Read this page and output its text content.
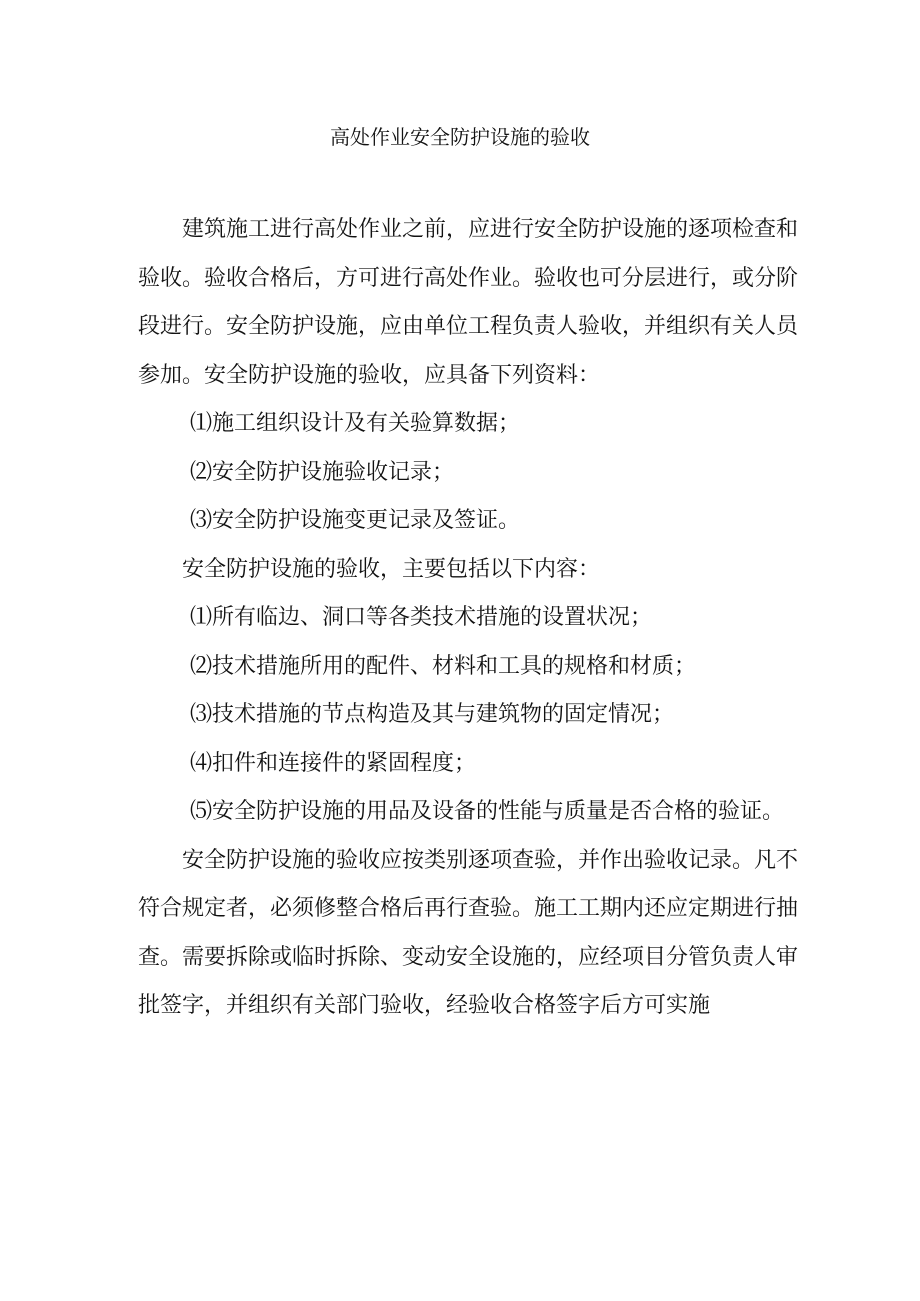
高处作业安全防护设施的验收

建筑施工进行高处作业之前，应进行安全防护设施的逐项检查和验收。验收合格后，方可进行高处作业。验收也可分层进行，或分阶段进行。安全防护设施，应由单位工程负责人验收，并组织有关人员参加。安全防护设施的验收，应具备下列资料：

⑴施工组织设计及有关验算数据；

⑵安全防护设施验收记录；

⑶安全防护设施变更记录及签证。

安全防护设施的验收，主要包括以下内容：

⑴所有临边、洞口等各类技术措施的设置状况；

⑵技术措施所用的配件、材料和工具的规格和材质；

⑶技术措施的节点构造及其与建筑物的固定情况；

⑷扣件和连接件的紧固程度；

⑸安全防护设施的用品及设备的性能与质量是否合格的验证。

安全防护设施的验收应按类别逐项查验，并作出验收记录。凡不符合规定者，必须修整合格后再行查验。施工工期内还应定期进行抽查。需要拆除或临时拆除、变动安全设施的，应经项目分管负责人审批签字，并组织有关部门验收，经验收合格签字后方可实施
